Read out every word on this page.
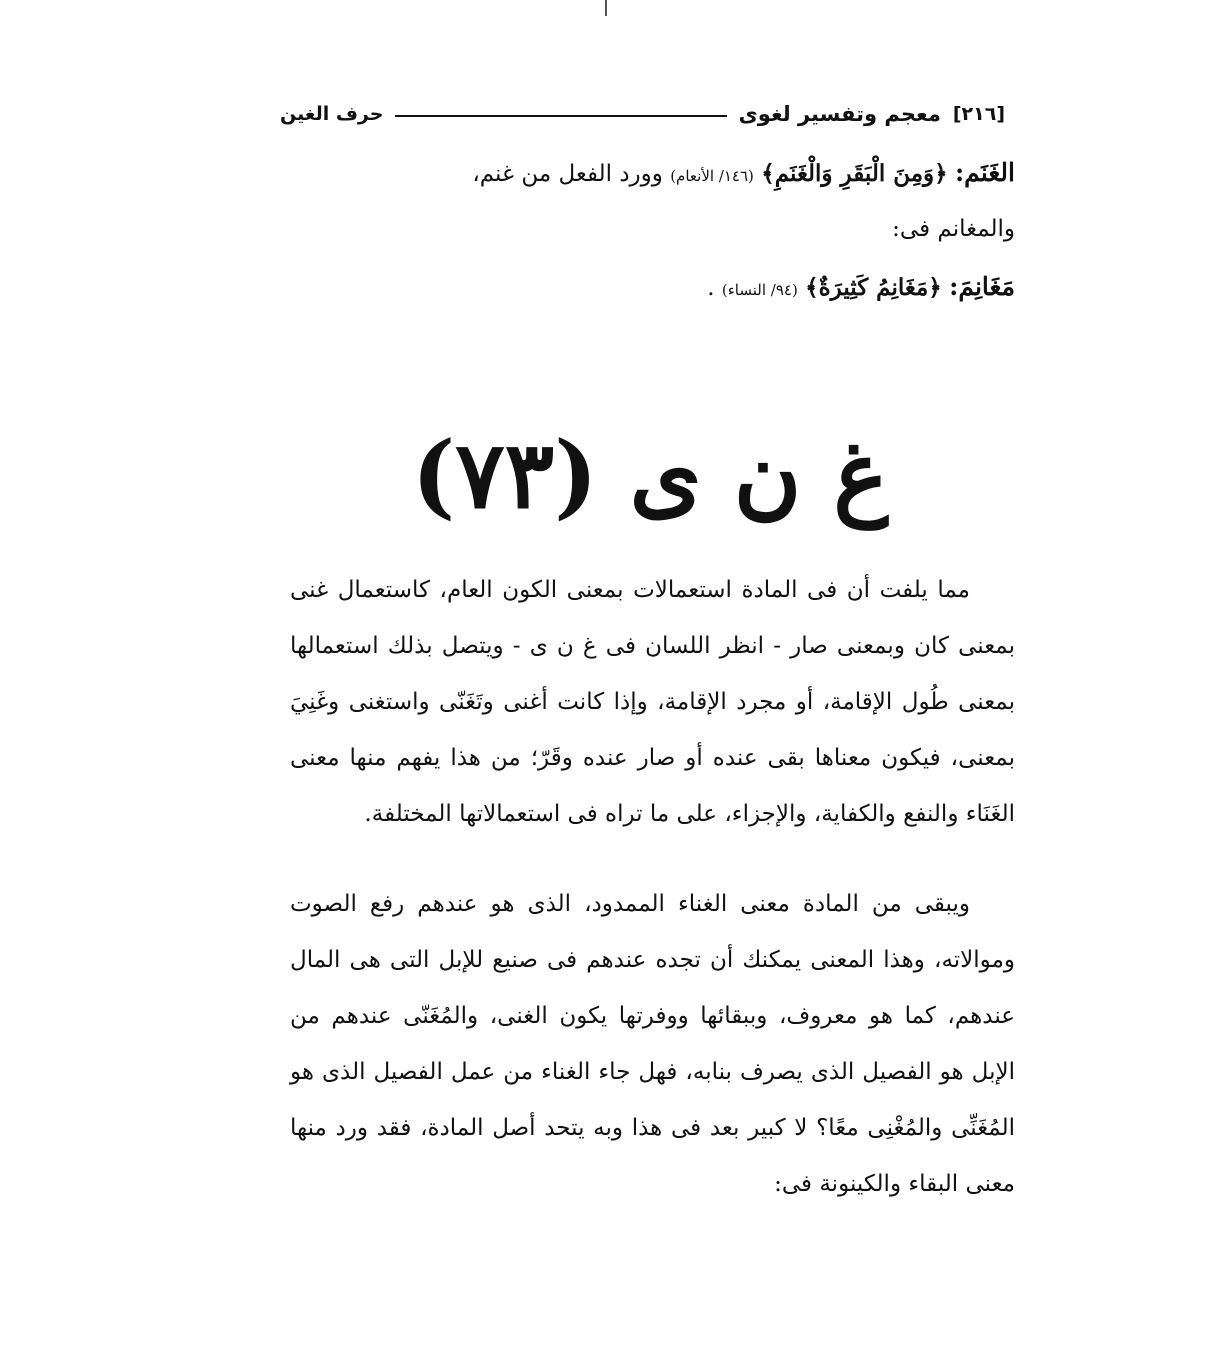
[٢١٦]
معجم وتفسير لغوى
حرف الغين
الغَنَم: ﴿وَمِنَ الْبَقَرِ وَالْغَنَمِ﴾ (١٤٦/ الأنعام) وورد الفعل من غنم،
والمغانم فى:
مَغَانِمَ: ﴿مَغَانِمُ كَثِيرَةٌ﴾ (٩٤/ النساء) .
غ ن ى (٧٣)

مما يلفت أن فى المادة استعمالات بمعنى الكون العام، كاستعمال غنى بمعنى كان وبمعنى صار - انظر اللسان فى غ ن ى - ويتصل بذلك استعمالها بمعنى طُول الإقامة، أو مجرد الإقامة، وإذا كانت أغنى وتَغَنّى واستغنى وغَنِيَ بمعنى، فيكون معناها بقى عنده أو صار عنده وقَرّ؛ من هذا يفهم منها معنى الغَنَاء والنفع والكفاية، والإجزاء، على ما تراه فى استعمالاتها المختلفة.

ويبقى من المادة معنى الغناء الممدود، الذى هو عندهم رفع الصوت وموالاته، وهذا المعنى يمكنك أن تجده عندهم فى صنيع للإبل التى هى المال عندهم، كما هو معروف، وببقائها ووفرتها يكون الغنى، والمُغَنّى عندهم من الإبل هو الفصيل الذى يصرف بنابه، فهل جاء الغناء من عمل الفصيل الذى هو المُغَنِّى والمُغْنِى معًا؟ لا كبير بعد فى هذا وبه يتحد أصل المادة، فقد ورد منها معنى البقاء والكينونة فى:
